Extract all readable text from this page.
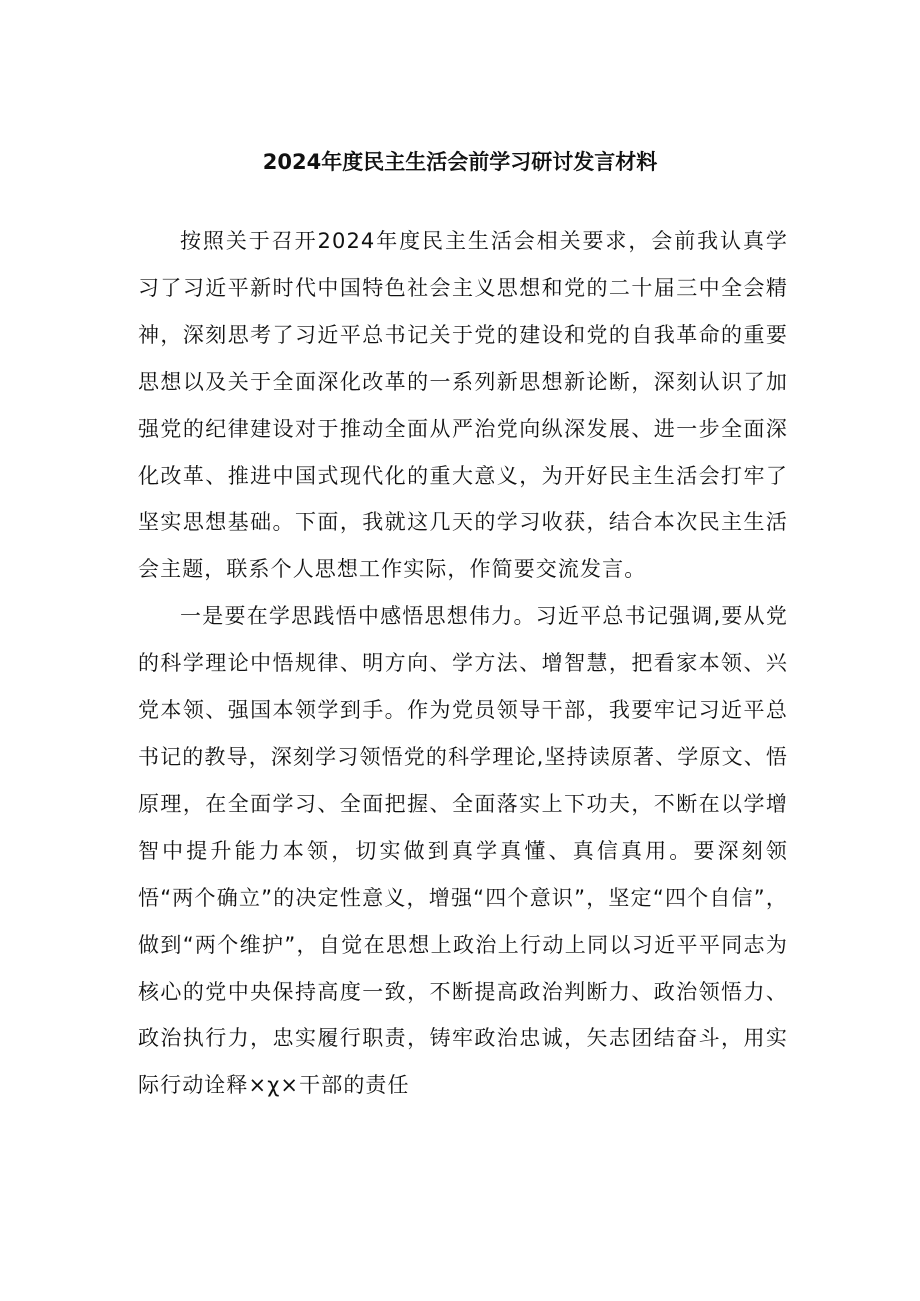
2024年度民主生活会前学习研讨发言材料

按照关于召开2024年度民主生活会相关要求，会前我认真学习了习近平新时代中国特色社会主义思想和党的二十届三中全会精神，深刻思考了习近平总书记关于党的建设和党的自我革命的重要思想以及关于全面深化改革的一系列新思想新论断，深刻认识了加强党的纪律建设对于推动全面从严治党向纵深发展、进一步全面深化改革、推进中国式现代化的重大意义，为开好民主生活会打牢了坚实思想基础。下面，我就这几天的学习收获，结合本次民主生活会主题，联系个人思想工作实际，作简要交流发言。

一是要在学思践悟中感悟思想伟力。习近平总书记强调,要从党的科学理论中悟规律、明方向、学方法、增智慧，把看家本领、兴党本领、强国本领学到手。作为党员领导干部，我要牢记习近平总书记的教导，深刻学习领悟党的科学理论,坚持读原著、学原文、悟原理，在全面学习、全面把握、全面落实上下功夫，不断在以学增智中提升能力本领，切实做到真学真懂、真信真用。要深刻领悟“两个确立”的决定性意义，增强“四个意识”，坚定“四个自信”，做到“两个维护”，自觉在思想上政治上行动上同以习近平平同志为核心的党中央保持高度一致，不断提高政治判断力、政治领悟力、政治执行力，忠实履行职责，铸牢政治忠诚，矢志团结奋斗，用实际行动诠释×χ×干部的责任
